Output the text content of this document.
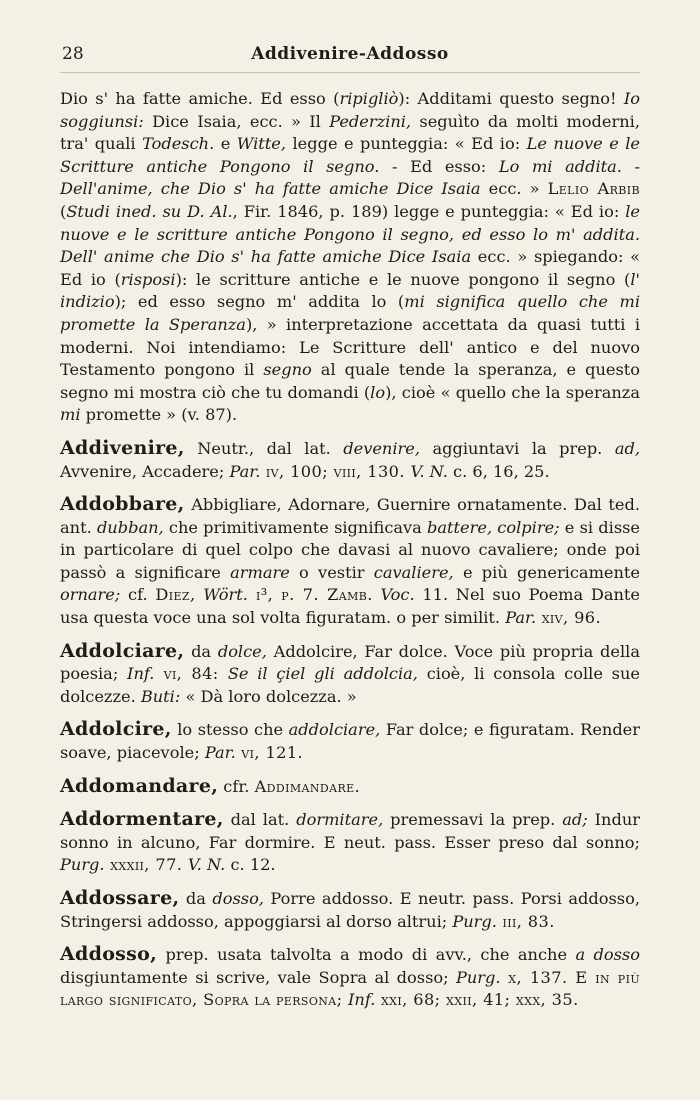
28	Addivenire-Addosso

Dio s' ha fatte amiche. Ed esso (ripigliò): Additami questo segno! Io soggiunsi: Dice Isaia, ecc. » Il Pederzini, seguìto da molti moderni, tra' quali Todesch. e Witte, legge e punteggia: « Ed io: Le nuove e le Scritture antiche Pongono il segno. - Ed esso: Lo mi addita. - Dell'anime, che Dio s' ha fatte amiche Dice Isaia ecc. » Lelio Arbib (Studi ined. su D. Al., Fir. 1846, p. 189) legge e punteggia: « Ed io: le nuove e le scritture antiche Pongono il segno, ed esso lo m' addita. Dell' anime che Dio s' ha fatte amiche Dice Isaia ecc. » spiegando: « Ed io (risposi): le scritture antiche e le nuove pongono il segno (l' indizio); ed esso segno m' addita lo (mi significa quello che mi promette la Speranza), » interpretazione accettata da quasi tutti i moderni. Noi intendiamo: Le Scritture dell' antico e del nuovo Testamento pongono il segno al quale tende la speranza, e questo segno mi mostra ciò che tu domandi (lo), cioè « quello che la speranza mi promette » (v. 87).

Addivenire, Neutr., dal lat. devenire, aggiuntavi la prep. ad, Avvenire, Accadere; Par. iv, 100; viii, 130. V. N. c. 6, 16, 25.

Addobbare, Abbigliare, Adornare, Guernire ornatamente. Dal ted. ant. dubban, che primitivamente significava battere, colpire; e si disse in particolare di quel colpo che davasi al nuovo cavaliere; onde poi passò a significare armare o vestir cavaliere, e più genericamente ornare; cf. Diez, Wört. i³, p. 7. Zamb. Voc. 11. Nel suo Poema Dante usa questa voce una sol volta figuratam. o per similit. Par. xiv, 96.

Addolciare, da dolce, Addolcire, Far dolce. Voce più propria della poesia; Inf. vi, 84: Se il çiel gli addolcia, cioè, li consola colle sue dolcezze. Buti: « Dà loro dolcezza. »

Addolcire, lo stesso che addolciare, Far dolce; e figuratam. Render soave, piacevole; Par. vi, 121.

Addomandare, cfr. Addimandare.

Addormentare, dal lat. dormitare, premessavi la prep. ad; Indur sonno in alcuno, Far dormire. E neut. pass. Esser preso dal sonno; Purg. xxxii, 77. V. N. c. 12.

Addossare, da dosso, Porre addosso. E neutr. pass. Porsi addosso, Stringersi addosso, appoggiarsi al dorso altrui; Purg. iii, 83.

Addosso, prep. usata talvolta a modo di avv., che anche a dosso disgiuntamente si scrive, vale Sopra al dosso; Purg. x, 137. E in più largo significato, Sopra la persona; Inf. xxi, 68; xxii, 41; xxx, 35.
